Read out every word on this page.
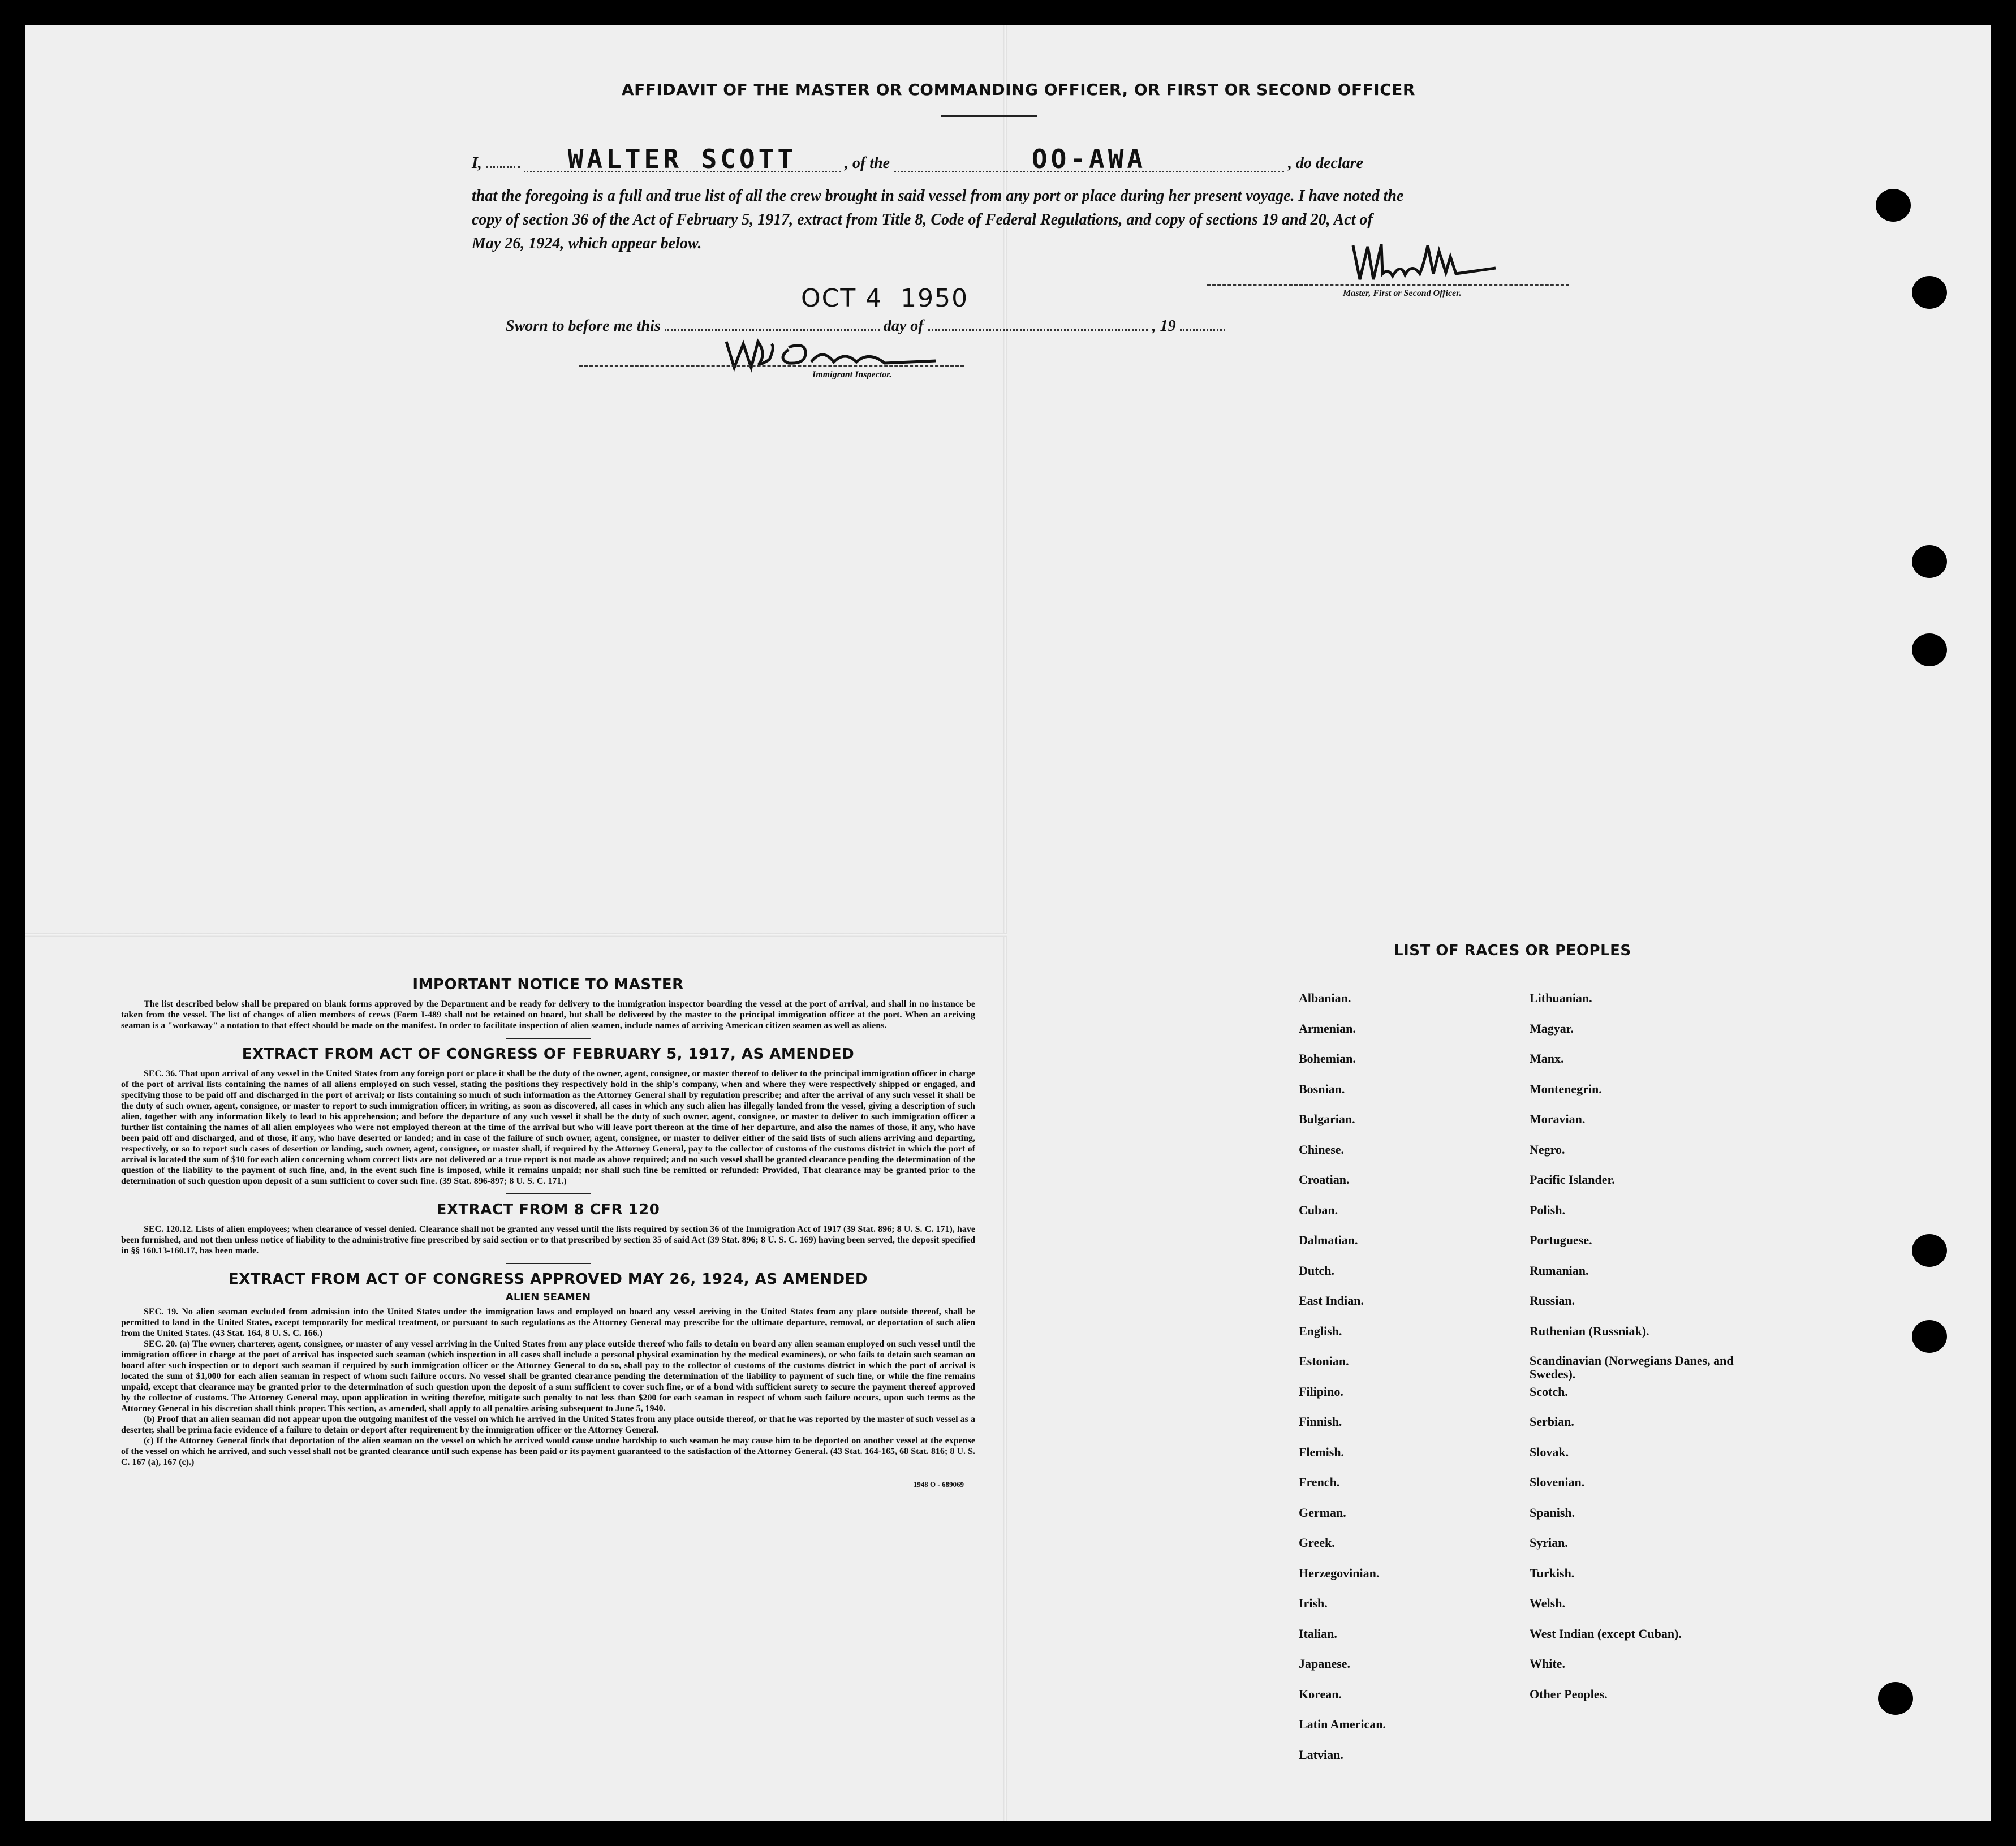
AFFIDAVIT OF THE MASTER OR COMMANDING OFFICER, OR FIRST OR SECOND OFFICER
I,	WALTER SCOTT	, of the	OO-AWA	, do declare
that the foregoing is a full and true list of all the crew brought in said vessel from any port or place during her present voyage. I have noted the
copy of section 36 of the Act of February 5, 1917, extract from Title 8, Code of Federal Regulations, and copy of sections 19 and 20, Act of
May 26, 1924, which appear below.
Master, First or Second Officer.
OCT 4  1950
Sworn to before me this	day of	, 19
Immigrant Inspector.
IMPORTANT NOTICE TO MASTER
The list described below shall be prepared on blank forms approved by the Department and be ready for delivery to the immigration inspector boarding the vessel at the port of arrival, and shall in no instance be taken from the vessel. The list of changes of alien members of crews (Form I-489 shall not be retained on board, but shall be delivered by the master to the principal immigration officer at the port. When an arriving seaman is a "workaway" a notation to that effect should be made on the manifest. In order to facilitate inspection of alien seamen, include names of arriving American citizen seamen as well as aliens.
EXTRACT FROM ACT OF CONGRESS OF FEBRUARY 5, 1917, AS AMENDED
SEC. 36. That upon arrival of any vessel in the United States from any foreign port or place it shall be the duty of the owner, agent, consignee, or master thereof to deliver to the principal immigration officer in charge of the port of arrival lists containing the names of all aliens employed on such vessel, stating the positions they respectively hold in the ship's company, when and where they were respectively shipped or engaged, and specifying those to be paid off and discharged in the port of arrival; or lists containing so much of such information as the Attorney General shall by regulation prescribe; and after the arrival of any such vessel it shall be the duty of such owner, agent, consignee, or master to report to such immigration officer, in writing, as soon as discovered, all cases in which any such alien has illegally landed from the vessel, giving a description of such alien, together with any information likely to lead to his apprehension; and before the departure of any such vessel it shall be the duty of such owner, agent, consignee, or master to deliver to such immigration officer a further list containing the names of all alien employees who were not employed thereon at the time of the arrival but who will leave port thereon at the time of her departure, and also the names of those, if any, who have been paid off and discharged, and of those, if any, who have deserted or landed; and in case of the failure of such owner, agent, consignee, or master to deliver either of the said lists of such aliens arriving and departing, respectively, or so to report such cases of desertion or landing, such owner, agent, consignee, or master shall, if required by the Attorney General, pay to the collector of customs of the customs district in which the port of arrival is located the sum of $10 for each alien concerning whom correct lists are not delivered or a true report is not made as above required; and no such vessel shall be granted clearance pending the determination of the question of the liability to the payment of such fine, and, in the event such fine is imposed, while it remains unpaid; nor shall such fine be remitted or refunded: Provided, That clearance may be granted prior to the determination of such question upon deposit of a sum sufficient to cover such fine. (39 Stat. 896-897; 8 U. S. C. 171.)
EXTRACT FROM 8 CFR 120
SEC. 120.12. Lists of alien employees; when clearance of vessel denied. Clearance shall not be granted any vessel until the lists required by section 36 of the Immigration Act of 1917 (39 Stat. 896; 8 U. S. C. 171), have been furnished, and not then unless notice of liability to the administrative fine prescribed by said section or to that prescribed by section 35 of said Act (39 Stat. 896; 8 U. S. C. 169) having been served, the deposit specified in §§ 160.13-160.17, has been made.
EXTRACT FROM ACT OF CONGRESS APPROVED MAY 26, 1924, AS AMENDED
ALIEN SEAMEN
SEC. 19. No alien seaman excluded from admission into the United States under the immigration laws and employed on board any vessel arriving in the United States from any place outside thereof, shall be permitted to land in the United States, except temporarily for medical treatment, or pursuant to such regulations as the Attorney General may prescribe for the ultimate departure, removal, or deportation of such alien from the United States. (43 Stat. 164, 8 U. S. C. 166.)
SEC. 20. (a) The owner, charterer, agent, consignee, or master of any vessel arriving in the United States from any place outside thereof who fails to detain on board any alien seaman employed on such vessel until the immigration officer in charge at the port of arrival has inspected such seaman (which inspection in all cases shall include a personal physical examination by the medical examiners), or who fails to detain such seaman on board after such inspection or to deport such seaman if required by such immigration officer or the Attorney General to do so, shall pay to the collector of customs of the customs district in which the port of arrival is located the sum of $1,000 for each alien seaman in respect of whom such failure occurs. No vessel shall be granted clearance pending the determination of the liability to payment of such fine, or while the fine remains unpaid, except that clearance may be granted prior to the determination of such question upon the deposit of a sum sufficient to cover such fine, or of a bond with sufficient surety to secure the payment thereof approved by the collector of customs. The Attorney General may, upon application in writing therefor, mitigate such penalty to not less than $200 for each seaman in respect of whom such failure occurs, upon such terms as the Attorney General in his discretion shall think proper. This section, as amended, shall apply to all penalties arising subsequent to June 5, 1940.
(b) Proof that an alien seaman did not appear upon the outgoing manifest of the vessel on which he arrived in the United States from any place outside thereof, or that he was reported by the master of such vessel as a deserter, shall be prima facie evidence of a failure to detain or deport after requirement by the immigration officer or the Attorney General.
(c) If the Attorney General finds that deportation of the alien seaman on the vessel on which he arrived would cause undue hardship to such seaman he may cause him to be deported on another vessel at the expense of the vessel on which he arrived, and such vessel shall not be granted clearance until such expense has been paid or its payment guaranteed to the satisfaction of the Attorney General. (43 Stat. 164-165, 68 Stat. 816; 8 U. S. C. 167 (a), 167 (c).)
1948 O - 689069
LIST OF RACES OR PEOPLES
Albanian.
Armenian.
Bohemian.
Bosnian.
Bulgarian.
Chinese.
Croatian.
Cuban.
Dalmatian.
Dutch.
East Indian.
English.
Estonian.
Filipino.
Finnish.
Flemish.
French.
German.
Greek.
Herzegovinian.
Irish.
Italian.
Japanese.
Korean.
Latin American.
Latvian.
Lithuanian.
Magyar.
Manx.
Montenegrin.
Moravian.
Negro.
Pacific Islander.
Polish.
Portuguese.
Rumanian.
Russian.
Ruthenian (Russniak).
Scandinavian (Norwegians Danes, and Swedes).
Scotch.
Serbian.
Slovak.
Slovenian.
Spanish.
Syrian.
Turkish.
Welsh.
West Indian (except Cuban).
White.
Other Peoples.
